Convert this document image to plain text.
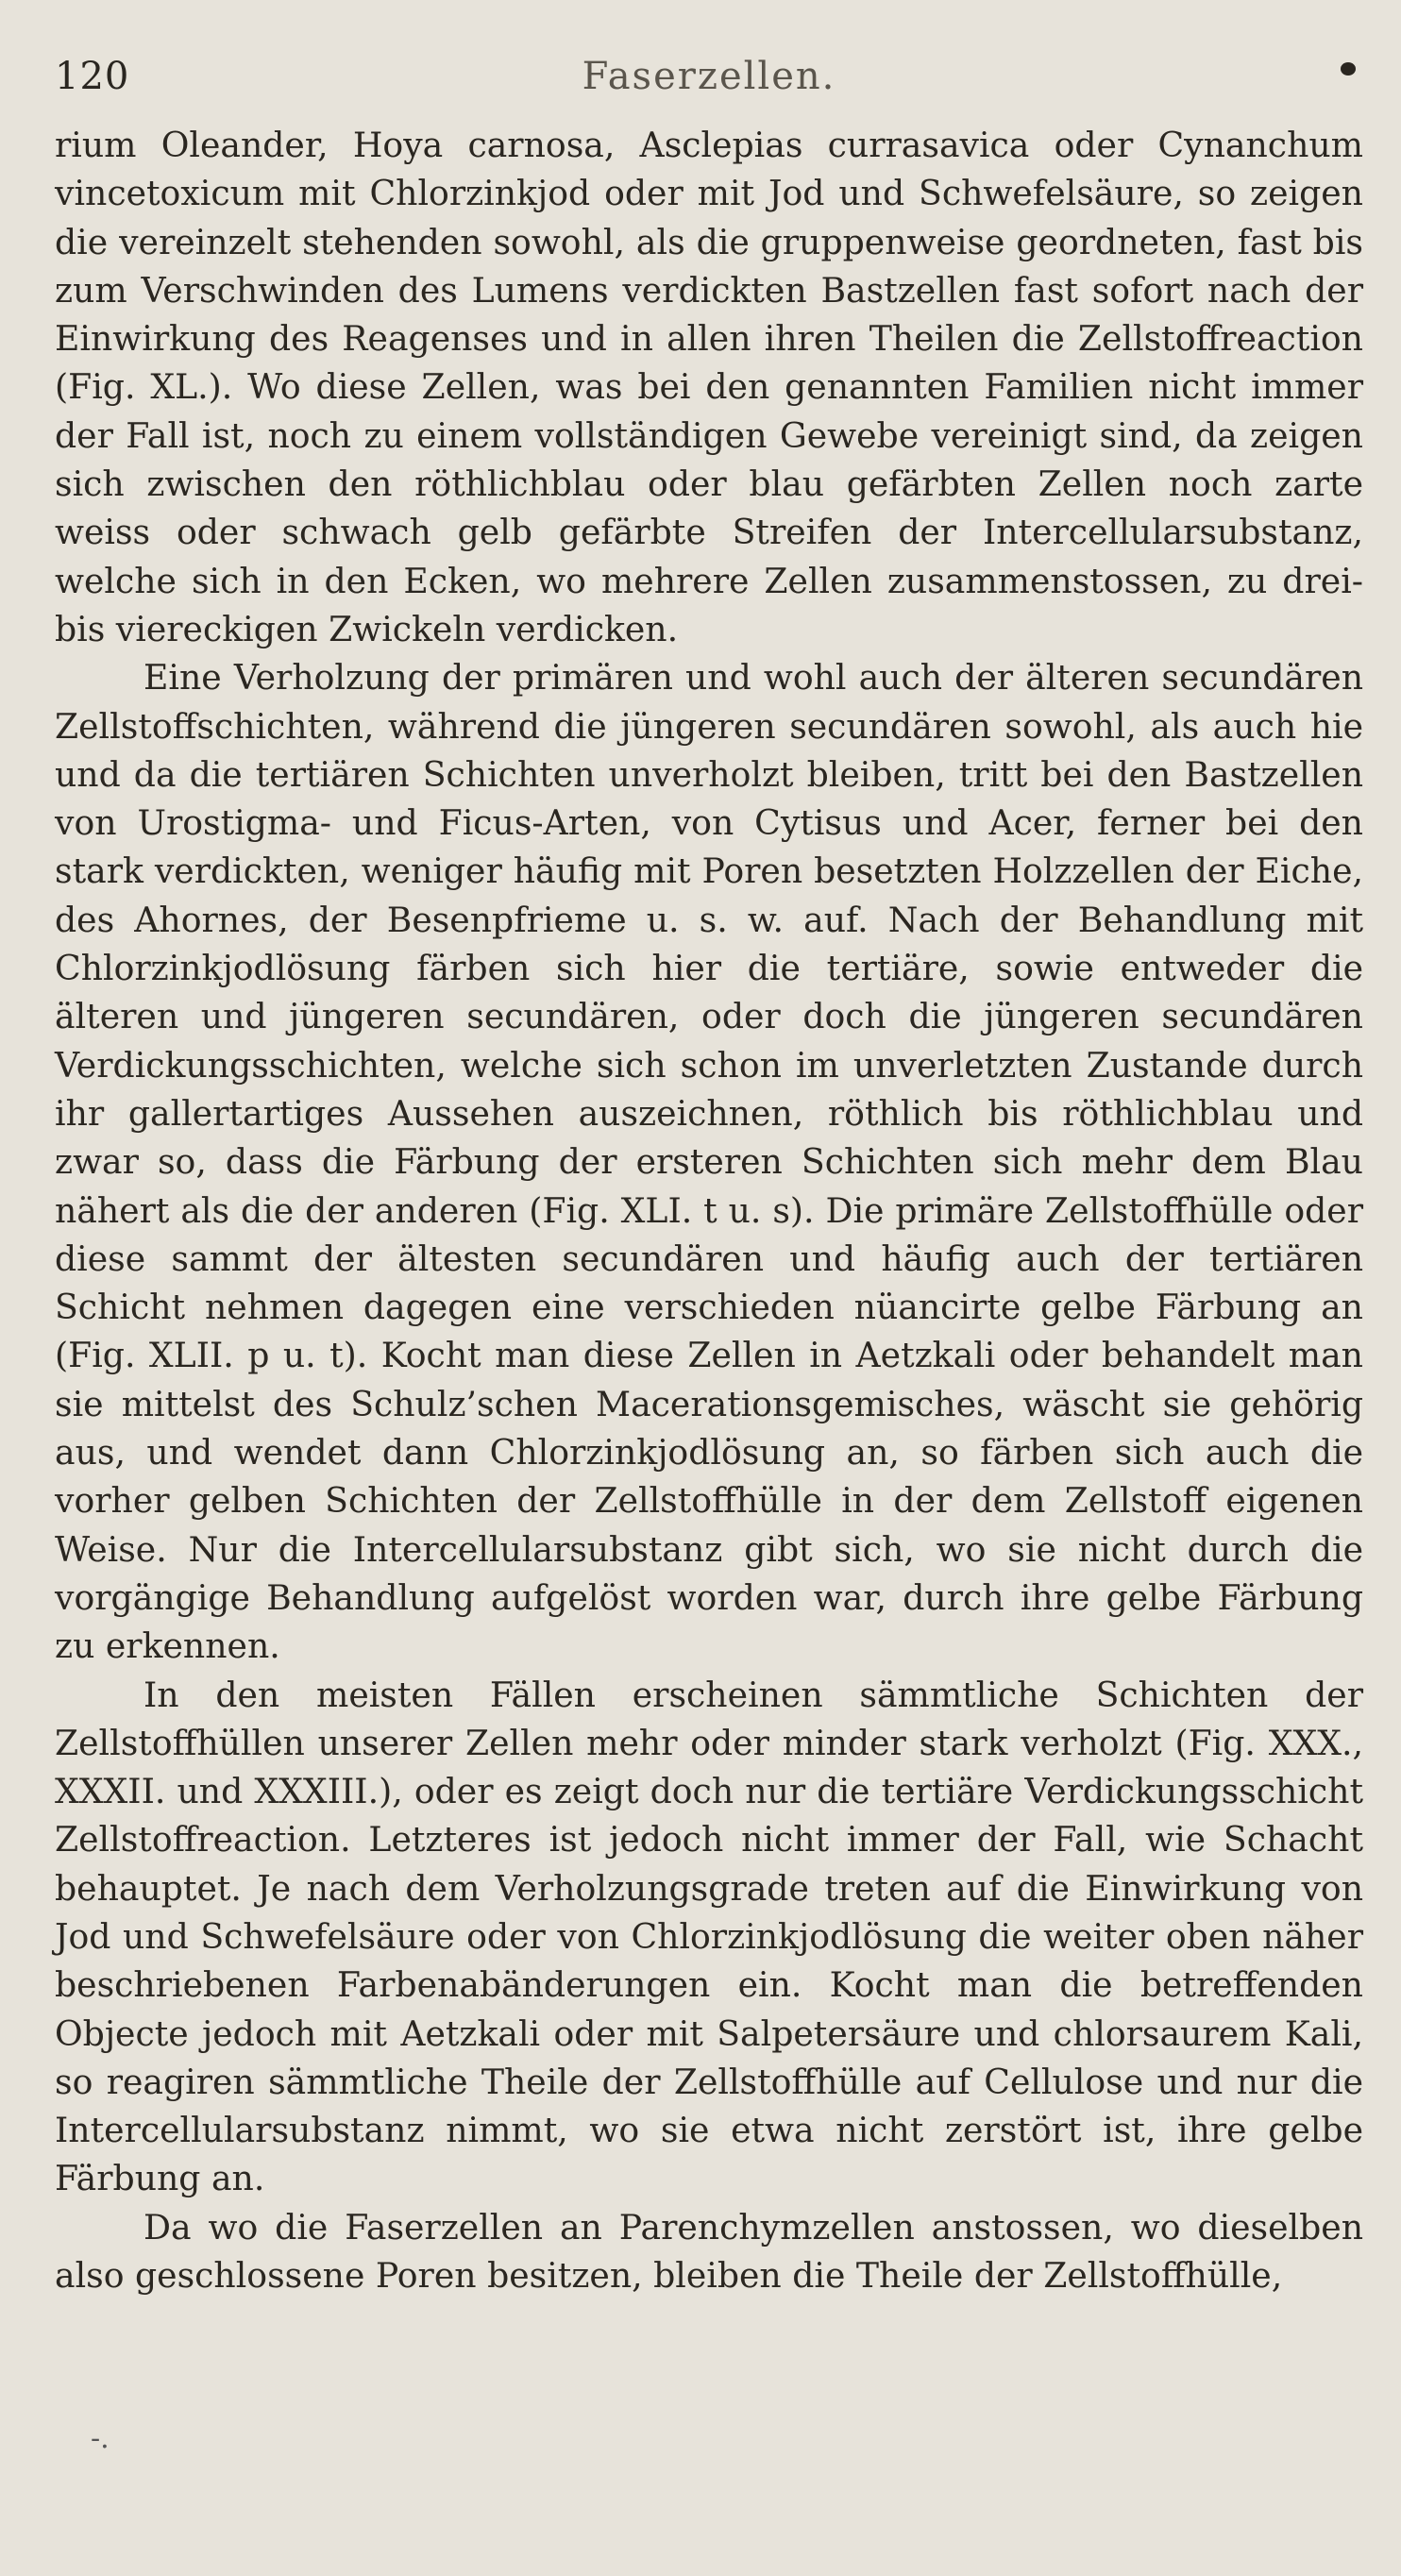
120	Faserzellen.

rium Oleander, Hoya carnosa, Asclepias currasavica oder Cynanchum vincetoxicum mit Chlorzinkjod oder mit Jod und Schwefelsäure, so zeigen die vereinzelt stehenden sowohl, als die gruppenweise geordneten, fast bis zum Verschwinden des Lumens verdickten Bastzellen fast sofort nach der Einwirkung des Reagenses und in allen ihren Theilen die Zellstoffreaction (Fig. XL.). Wo diese Zellen, was bei den genannten Familien nicht immer der Fall ist, noch zu einem vollständigen Gewebe vereinigt sind, da zeigen sich zwischen den röthlichblau oder blau gefärbten Zellen noch zarte weiss oder schwach gelb gefärbte Streifen der Intercellularsubstanz, welche sich in den Ecken, wo mehrere Zellen zusammenstossen, zu drei- bis viereckigen Zwickeln verdicken.

Eine Verholzung der primären und wohl auch der älteren secundären Zellstoffschichten, während die jüngeren secundären sowohl, als auch hie und da die tertiären Schichten unverholzt bleiben, tritt bei den Bastzellen von Urostigma- und Ficus-Arten, von Cytisus und Acer, ferner bei den stark verdickten, weniger häufig mit Poren besetzten Holzzellen der Eiche, des Ahornes, der Besenpfrieme u. s. w. auf. Nach der Behandlung mit Chlorzinkjodlösung färben sich hier die tertiäre, sowie entweder die älteren und jüngeren secundären, oder doch die jüngeren secundären Verdickungsschichten, welche sich schon im unverletzten Zustande durch ihr gallertartiges Aussehen auszeichnen, röthlich bis röthlichblau und zwar so, dass die Färbung der ersteren Schichten sich mehr dem Blau nähert als die der anderen (Fig. XLI. t u. s). Die primäre Zellstoffhülle oder diese sammt der ältesten secundären und häufig auch der tertiären Schicht nehmen dagegen eine verschieden nüancirte gelbe Färbung an (Fig. XLII. p u. t). Kocht man diese Zellen in Aetzkali oder behandelt man sie mittelst des Schulz’schen Macerationsgemisches, wäscht sie gehörig aus, und wendet dann Chlorzinkjodlösung an, so färben sich auch die vorher gelben Schichten der Zellstoffhülle in der dem Zellstoff eigenen Weise. Nur die Intercellularsubstanz gibt sich, wo sie nicht durch die vorgängige Behandlung aufgelöst worden war, durch ihre gelbe Färbung zu erkennen.

In den meisten Fällen erscheinen sämmtliche Schichten der Zellstoffhüllen unserer Zellen mehr oder minder stark verholzt (Fig. XXX., XXXII. und XXXIII.), oder es zeigt doch nur die tertiäre Verdickungsschicht Zellstoffreaction. Letzteres ist jedoch nicht immer der Fall, wie Schacht behauptet. Je nach dem Verholzungsgrade treten auf die Einwirkung von Jod und Schwefelsäure oder von Chlorzinkjodlösung die weiter oben näher beschriebenen Farbenabänderungen ein. Kocht man die betreffenden Objecte jedoch mit Aetzkali oder mit Salpetersäure und chlorsaurem Kali, so reagiren sämmtliche Theile der Zellstoffhülle auf Cellulose und nur die Intercellularsubstanz nimmt, wo sie etwa nicht zerstört ist, ihre gelbe Färbung an.

Da wo die Faserzellen an Parenchymzellen anstossen, wo dieselben also geschlossene Poren besitzen, bleiben die Theile der Zellstoffhülle,

-.
